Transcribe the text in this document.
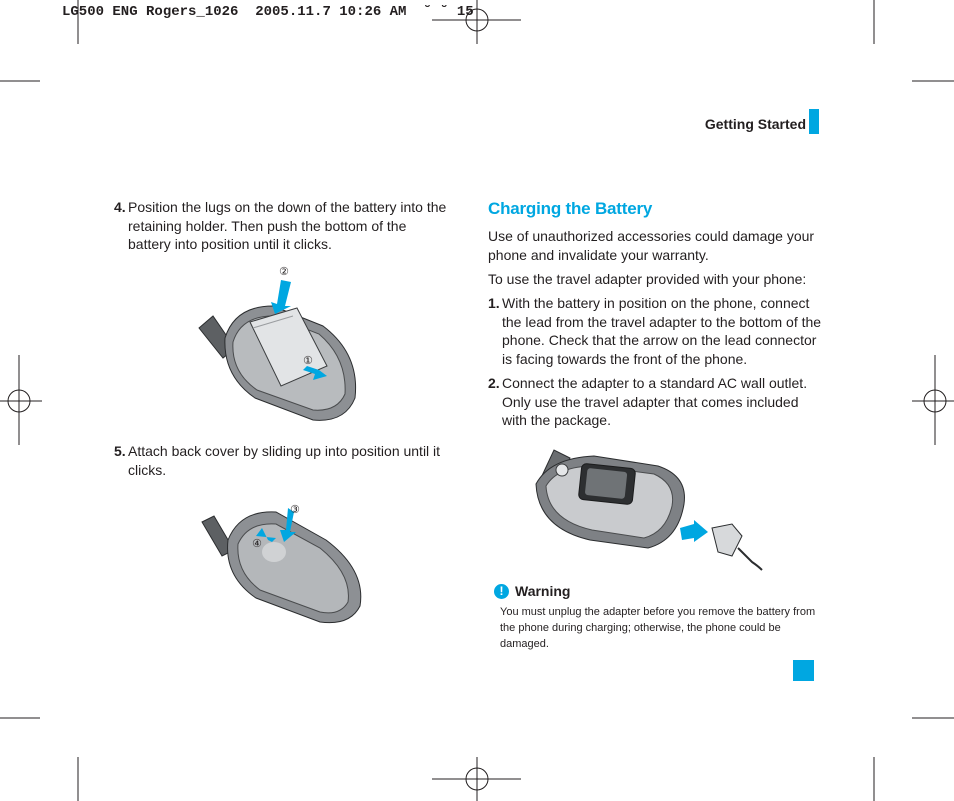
LG500 ENG Rogers_1026  2005.11.7 10:26 AM  ˘ ˘ 15
Getting Started
4. Position the lugs on the down of the battery into the retaining holder. Then push the bottom of the battery into position until it clicks.
②
①
5. Attach back cover by sliding up into position until it clicks.
③
④
Charging the Battery
Use of unauthorized accessories could damage your phone and invalidate your warranty.
To use the travel adapter provided with your phone:
1. With the battery in position on the phone, connect the lead from the travel adapter to the bottom of the phone. Check that the arrow on the lead connector is facing towards the front of the phone.
2. Connect the adapter to a standard AC wall outlet. Only use the travel adapter that comes included with the package.
! Warning
You must unplug the adapter before you remove the battery from the phone during charging; otherwise, the phone could be damaged.
